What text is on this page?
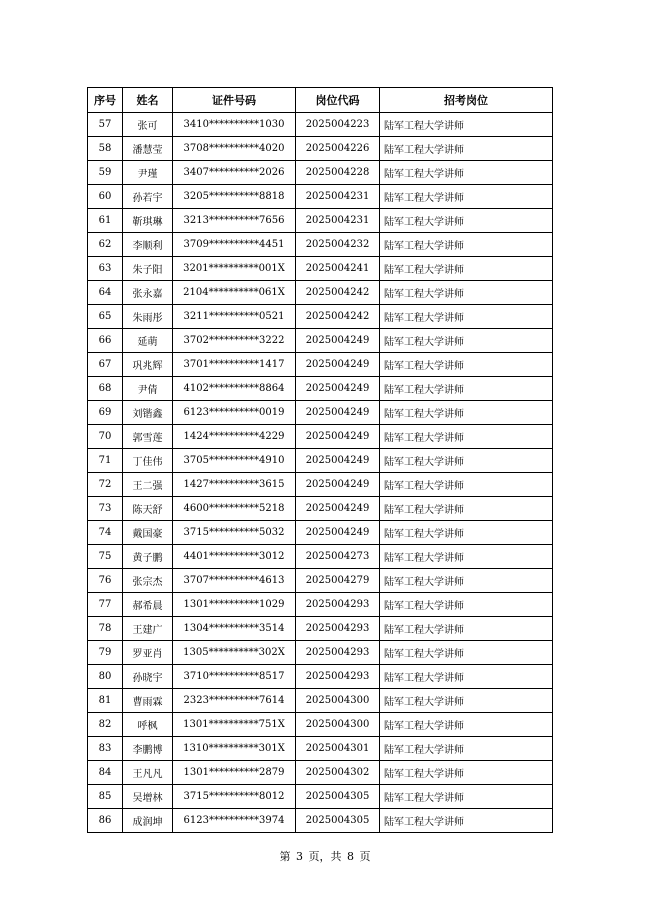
序号	姓名	证件号码	岗位代码	招考岗位
57	张可	3410**********1030	2025004223	陆军工程大学讲师
58	潘慧莹	3708**********4020	2025004226	陆军工程大学讲师
59	尹瑾	3407**********2026	2025004228	陆军工程大学讲师
60	孙若宇	3205**********8818	2025004231	陆军工程大学讲师
61	靳琪琳	3213**********7656	2025004231	陆军工程大学讲师
62	李顺利	3709**********4451	2025004232	陆军工程大学讲师
63	朱子阳	3201**********001X	2025004241	陆军工程大学讲师
64	张永嘉	2104**********061X	2025004242	陆军工程大学讲师
65	朱雨彤	3211**********0521	2025004242	陆军工程大学讲师
66	延萌	3702**********3222	2025004249	陆军工程大学讲师
67	巩兆辉	3701**********1417	2025004249	陆军工程大学讲师
68	尹倩	4102**********8864	2025004249	陆军工程大学讲师
69	刘锴鑫	6123**********0019	2025004249	陆军工程大学讲师
70	郭雪莲	1424**********4229	2025004249	陆军工程大学讲师
71	丁佳伟	3705**********4910	2025004249	陆军工程大学讲师
72	王二强	1427**********3615	2025004249	陆军工程大学讲师
73	陈天舒	4600**********5218	2025004249	陆军工程大学讲师
74	戴国豪	3715**********5032	2025004249	陆军工程大学讲师
75	黄子鹏	4401**********3012	2025004273	陆军工程大学讲师
76	张宗杰	3707**********4613	2025004279	陆军工程大学讲师
77	郝希晨	1301**********1029	2025004293	陆军工程大学讲师
78	王建广	1304**********3514	2025004293	陆军工程大学讲师
79	罗亚肖	1305**********302X	2025004293	陆军工程大学讲师
80	孙晓宇	3710**********8517	2025004293	陆军工程大学讲师
81	曹雨霖	2323**********7614	2025004300	陆军工程大学讲师
82	呼枫	1301**********751X	2025004300	陆军工程大学讲师
83	李鹏博	1310**********301X	2025004301	陆军工程大学讲师
84	王凡凡	1301**********2879	2025004302	陆军工程大学讲师
85	吴增林	3715**********8012	2025004305	陆军工程大学讲师
86	成润坤	6123**********3974	2025004305	陆军工程大学讲师
第 3 页，共 8 页
